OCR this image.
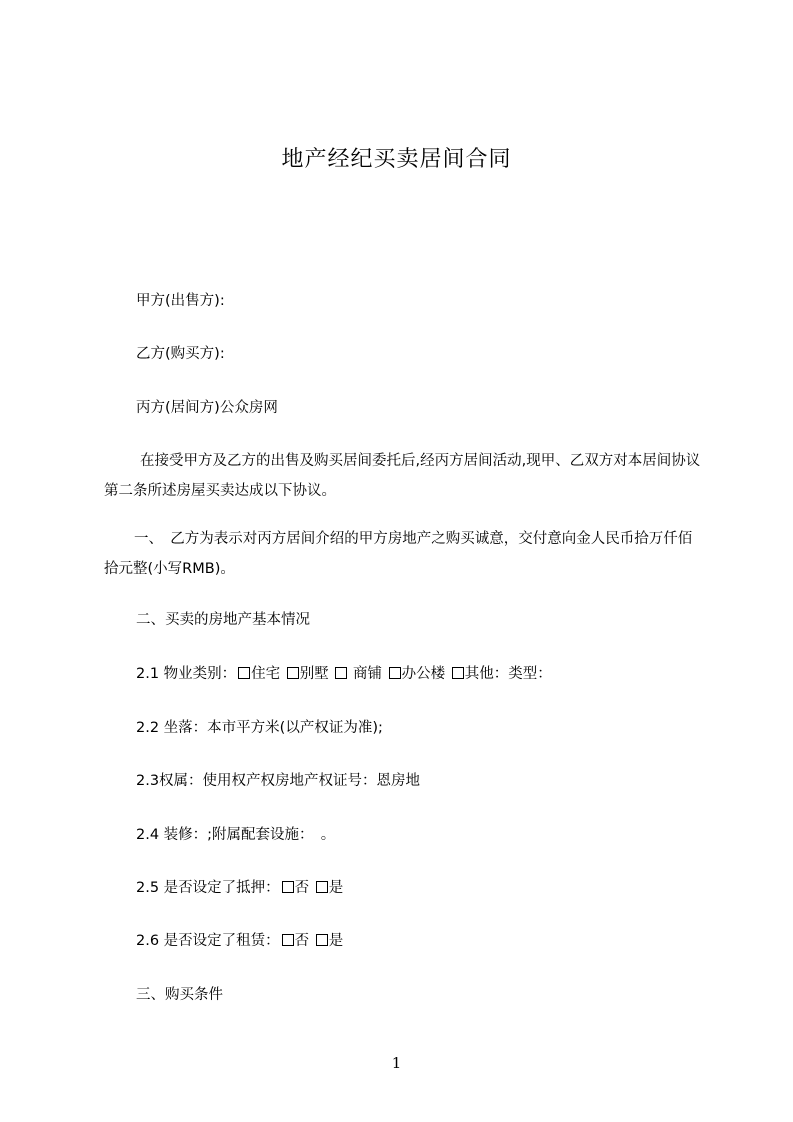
地产经纪买卖居间合同
甲方(出售方):
乙方(购买方):
丙方(居间方)公众房网
在接受甲方及乙方的出售及购买居间委托后,经丙方居间活动,现甲、乙双方对本居间协议第二条所述房屋买卖达成以下协议。
一、　乙方为表示对丙方居间介绍的甲方房地产之购买诚意，交付意向金人民币拾万仟佰拾元整(小写RMB)。
二、买卖的房地产基本情况
2.1 物业类别： 住宅 别墅  商铺 办公楼 其他：类型：
2.2 坐落：本市平方米(以产权证为准);
2.3权属：使用权产权房地产权证号：恩房地
2.4 装修：;附属配套设施：　。
2.5 是否设定了抵押： 否 是
2.6 是否设定了租赁： 否 是
三、购买条件
1
